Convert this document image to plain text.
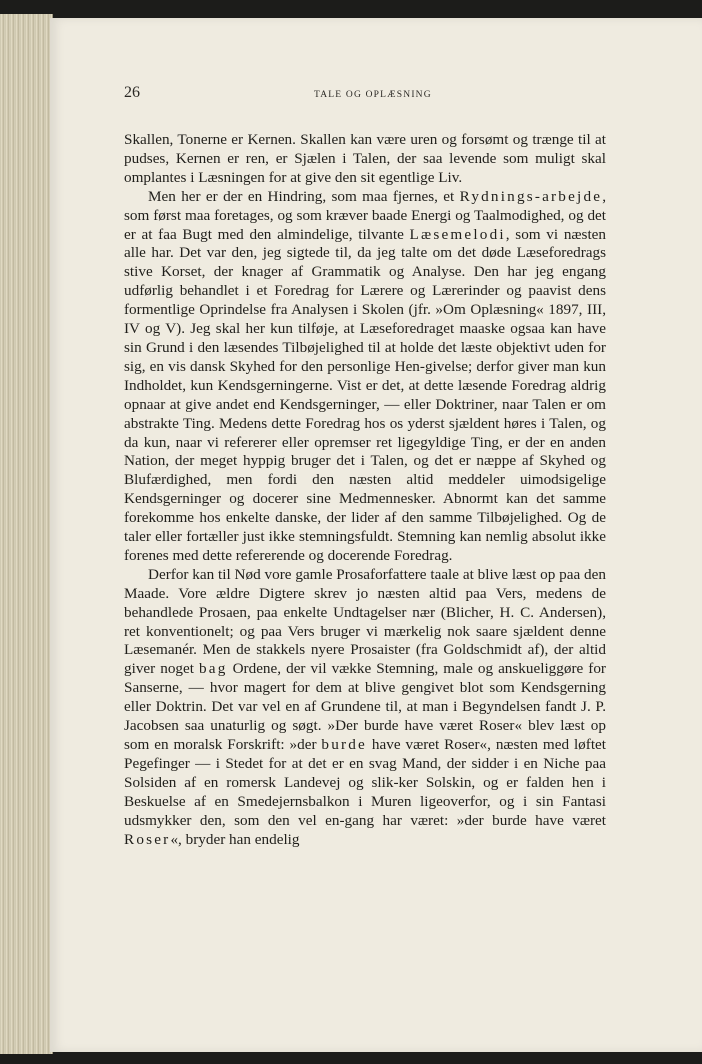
26	TALE OG OPLÆSNING

Skallen, Tonerne er Kernen. Skallen kan være uren og forsømt og trænge til at pudses, Kernen er ren, er Sjælen i Talen, der saa levende som muligt skal omplantes i Læsningen for at give den sit egentlige Liv.

Men her er der en Hindring, som maa fjernes, et Rydnings-arbejde, som først maa foretages, og som kræver baade Energi og Taalmodighed, og det er at faa Bugt med den almindelige, tilvante Læsemelodi, som vi næsten alle har. Det var den, jeg sigtede til, da jeg talte om det døde Læseforedrags stive Korset, der knager af Grammatik og Analyse. Den har jeg engang udførlig behandlet i et Foredrag for Lærere og Lærerinder og paavist dens formentlige Oprindelse fra Analysen i Skolen (jfr. »Om Oplæsning« 1897, III, IV og V). Jeg skal her kun tilføje, at Læseforedraget maaske ogsaa kan have sin Grund i den læsendes Tilbøjelighed til at holde det læste objektivt uden for sig, en vis dansk Skyhed for den personlige Hen-givelse; derfor giver man kun Indholdet, kun Kendsgerningerne. Vist er det, at dette læsende Foredrag aldrig opnaar at give andet end Kendsgerninger, — eller Doktriner, naar Talen er om abstrakte Ting. Medens dette Foredrag hos os yderst sjældent høres i Talen, og da kun, naar vi refererer eller opremser ret ligegyldige Ting, er der en anden Nation, der meget hyppig bruger det i Talen, og det er næppe af Skyhed og Blufærdighed, men fordi den næsten altid meddeler uimodsigelige Kendsgerninger og docerer sine Medmennesker. Abnormt kan det samme forekomme hos enkelte danske, der lider af den samme Tilbøjelighed. Og de taler eller fortæller just ikke stemningsfuldt. Stemning kan nemlig absolut ikke forenes med dette refererende og docerende Foredrag.

Derfor kan til Nød vore gamle Prosaforfattere taale at blive læst op paa den Maade. Vore ældre Digtere skrev jo næsten altid paa Vers, medens de behandlede Prosaen, paa enkelte Undtagelser nær (Blicher, H. C. Andersen), ret konventionelt; og paa Vers bruger vi mærkelig nok saare sjældent denne Læsemanér. Men de stakkels nyere Prosaister (fra Goldschmidt af), der altid giver noget bag Ordene, der vil vække Stemning, male og anskueliggøre for Sanserne, — hvor magert for dem at blive gengivet blot som Kendsgerning eller Doktrin. Det var vel en af Grundene til, at man i Begyndelsen fandt J. P. Jacobsen saa unaturlig og søgt. »Der burde have været Roser« blev læst op som en moralsk Forskrift: »der burde have været Roser«, næsten med løftet Pegefinger — i Stedet for at det er en svag Mand, der sidder i en Niche paa Solsiden af en romersk Landevej og slik-ker Solskin, og er falden hen i Beskuelse af en Smedejernsbalkon i Muren ligeoverfor, og i sin Fantasi udsmykker den, som den vel en-gang har været: »der burde have været Roser«, bryder han endelig
